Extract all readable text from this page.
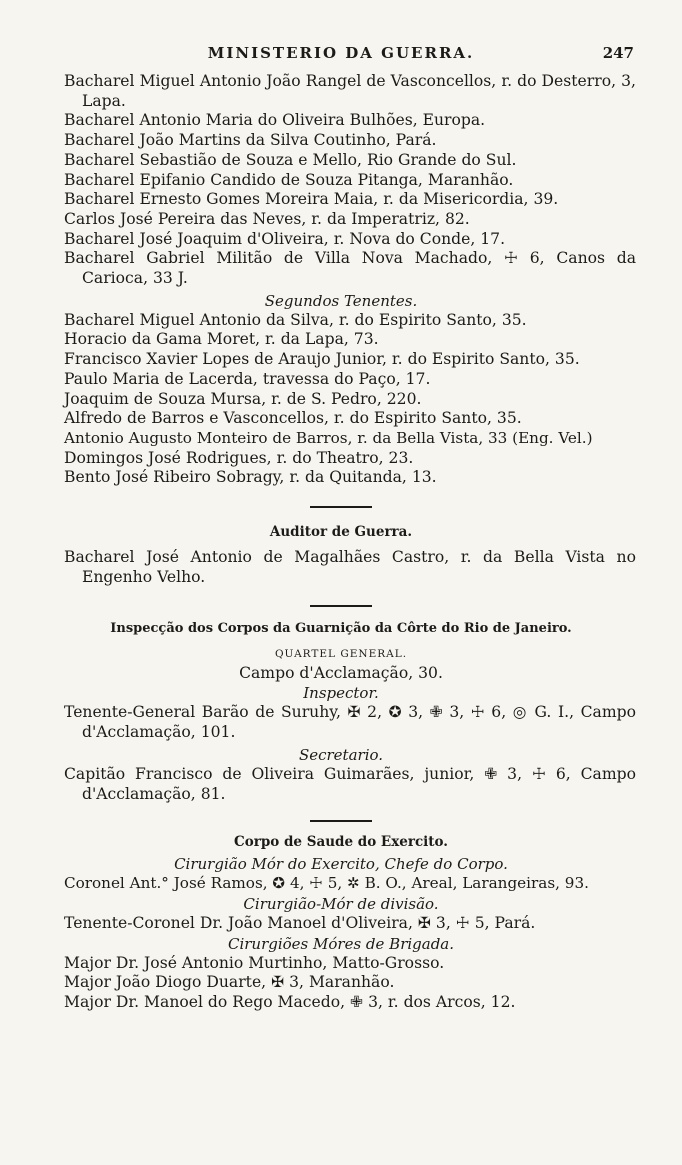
MINISTERIO DA GUERRA.	247

Bacharel Miguel Antonio João Rangel de Vasconcellos, r. do Desterro, 3, Lapa.

Bacharel Antonio Maria do Oliveira Bulhões, Europa.

Bacharel João Martins da Silva Coutinho, Pará.

Bacharel Sebastião de Souza e Mello, Rio Grande do Sul.

Bacharel Epifanio Candido de Souza Pitanga, Maranhão.

Bacharel Ernesto Gomes Moreira Maia, r. da Misericordia, 39.

Carlos José Pereira das Neves, r. da Imperatriz, 82.

Bacharel José Joaquim d'Oliveira, r. Nova do Conde, 17.

Bacharel Gabriel Militão de Villa Nova Machado, ☩ 6, Canos da Carioca, 33 J.

Segundos Tenentes.

Bacharel Miguel Antonio da Silva, r. do Espirito Santo, 35.

Horacio da Gama Moret, r. da Lapa, 73.

Francisco Xavier Lopes de Araujo Junior, r. do Espirito Santo, 35.

Paulo Maria de Lacerda, travessa do Paço, 17.

Joaquim de Souza Mursa, r. de S. Pedro, 220.

Alfredo de Barros e Vasconcellos, r. do Espirito Santo, 35.

Antonio Augusto Monteiro de Barros, r. da Bella Vista, 33 (Eng. Vel.)

Domingos José Rodrigues, r. do Theatro, 23.

Bento José Ribeiro Sobragy, r. da Quitanda, 13.

Auditor de Guerra.

Bacharel José Antonio de Magalhães Castro, r. da Bella Vista no Engenho Velho.

Inspecção dos Corpos da Guarnição da Côrte do Rio de Janeiro.

QUARTEL GENERAL.

Campo d'Acclamação, 30.

Inspector.

Tenente-General Barão de Suruhy, ✠ 2, ✪ 3, ✙ 3, ☩ 6, ◎ G. I., Campo d'Acclamação, 101.

Secretario.

Capitão Francisco de Oliveira Guimarães, junior, ✙ 3, ☩ 6, Campo d'Acclamação, 81.

Corpo de Saude do Exercito.

Cirurgião Mór do Exercito, Chefe do Corpo.

Coronel Ant.° José Ramos, ✪ 4, ☩ 5, ✲ B. O., Areal, Larangeiras, 93.

Cirurgião-Mór de divisão.

Tenente-Coronel Dr. João Manoel d'Oliveira, ✠ 3, ☩ 5, Pará.

Cirurgiões Móres de Brigada.

Major Dr. José Antonio Murtinho, Matto-Grosso.

Major João Diogo Duarte, ✠ 3, Maranhão.

Major Dr. Manoel do Rego Macedo, ✙ 3, r. dos Arcos, 12.
